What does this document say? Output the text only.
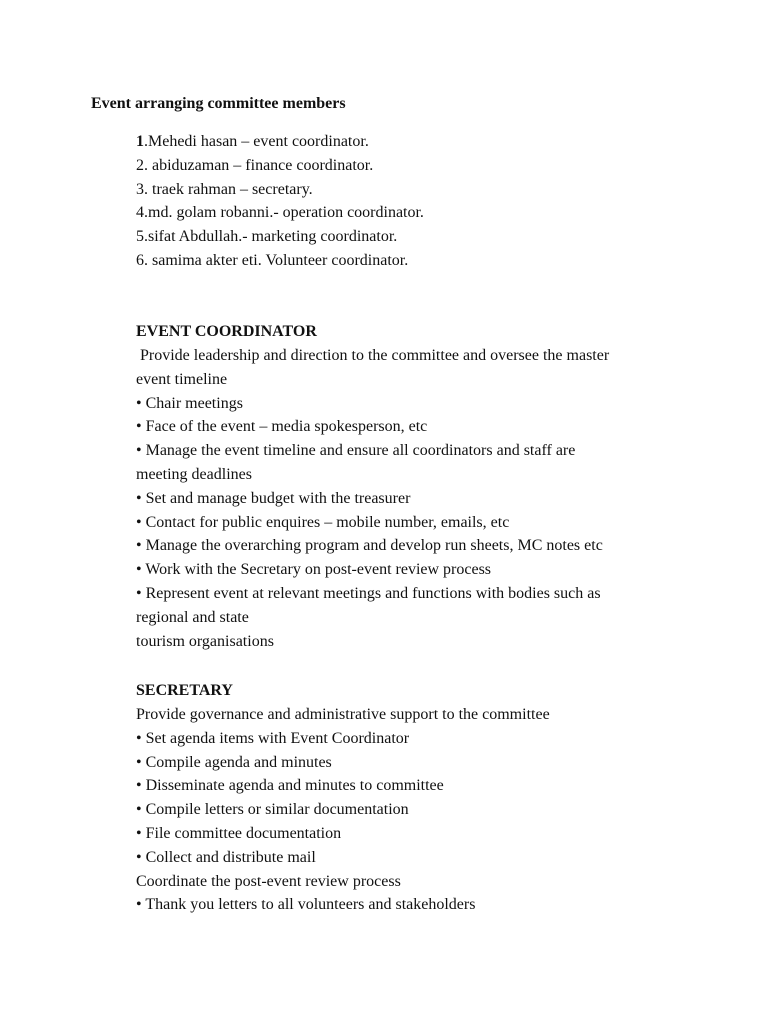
Event arranging committee members
1.Mehedi hasan – event coordinator.
2. abiduzaman – finance coordinator.
3. traek rahman – secretary.
4.md. golam robanni.- operation coordinator.
5.sifat Abdullah.- marketing coordinator.
6. samima akter eti. Volunteer coordinator.
EVENT COORDINATOR
Provide leadership and direction to the committee and oversee the master
event timeline
• Chair meetings
• Face of the event – media spokesperson, etc
• Manage the event timeline and ensure all coordinators and staff are
meeting deadlines
• Set and manage budget with the treasurer
• Contact for public enquires – mobile number, emails, etc
• Manage the overarching program and develop run sheets, MC notes etc
• Work with the Secretary on post-event review process
• Represent event at relevant meetings and functions with bodies such as
regional and state
tourism organisations
SECRETARY
Provide governance and administrative support to the committee
• Set agenda items with Event Coordinator
• Compile agenda and minutes
• Disseminate agenda and minutes to committee
• Compile letters or similar documentation
• File committee documentation
• Collect and distribute mail
Coordinate the post-event review process
• Thank you letters to all volunteers and stakeholders
